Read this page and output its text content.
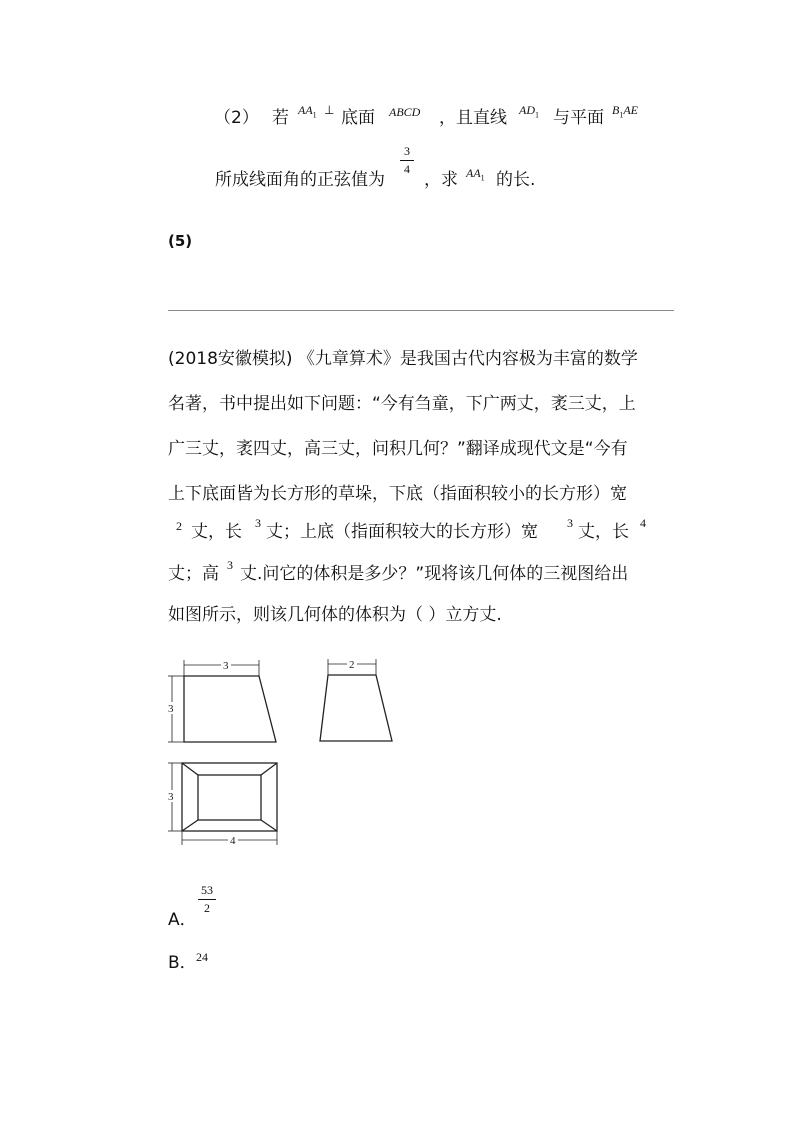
（2） 若 $AA_1$ ⊥ 底面 ABCD ，且直线 $AD_1$ 与平面 $B_1AE$
所成线面角的正弦值为
3
4
，求 $AA_1$ 的长.
(5)
(2018安徽模拟) 《九章算术》是我国古代内容极为丰富的数学
名著，书中提出如下问题：“今有刍童，下广两丈，袤三丈，上
广三丈，袤四丈，高三丈，问积几何？”翻译成现代文是“今有
上下底面皆为长方形的草垛，下底（指面积较小的长方形）宽
2 丈，长 3 丈；上底（指面积较大的长方形）宽 3 丈，长 4
丈；高 3 丈.问它的体积是多少？”现将该几何体的三视图给出
如图所示，则该几何体的体积为（ ）立方丈.
3
3
2
3
4
A．
53
2
B． 24
